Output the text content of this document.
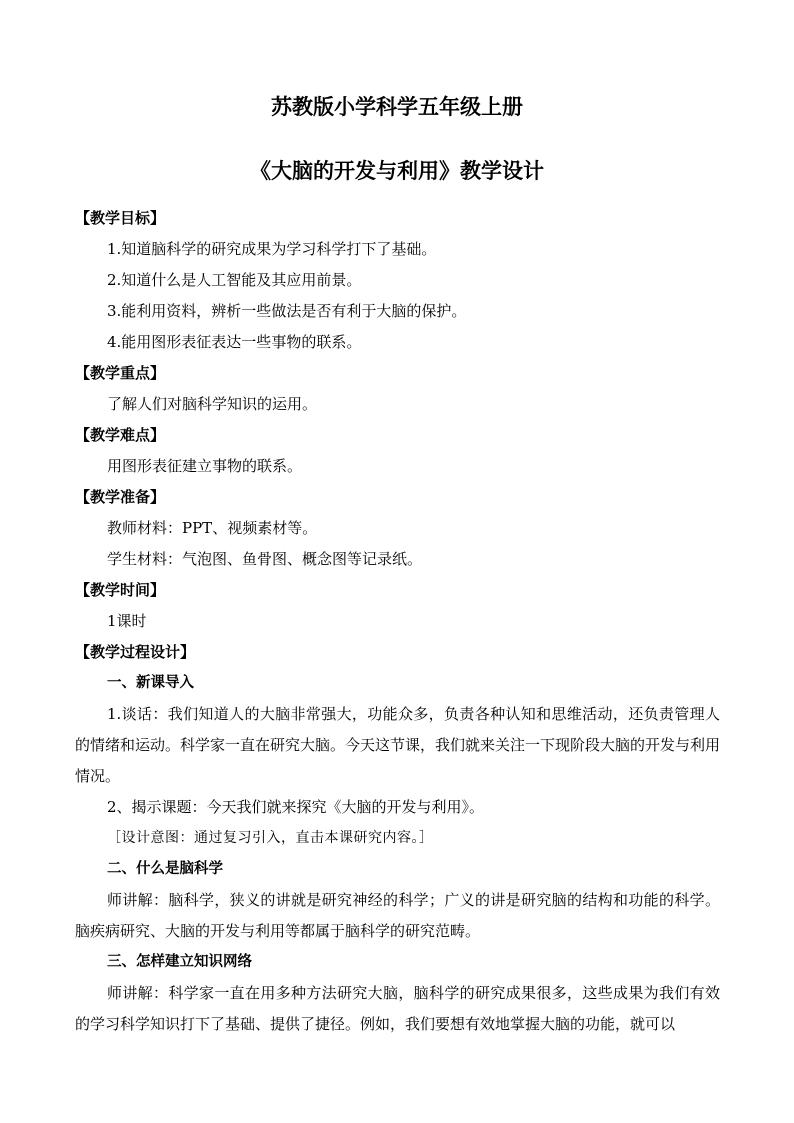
苏教版小学科学五年级上册
《大脑的开发与利用》教学设计

【教学目标】

1.知道脑科学的研究成果为学习科学打下了基础。

2.知道什么是人工智能及其应用前景。

3.能利用资料，辨析一些做法是否有利于大脑的保护。

4.能用图形表征表达一些事物的联系。

【教学重点】

了解人们对脑科学知识的运用。

【教学难点】

用图形表征建立事物的联系。

【教学准备】

教师材料：PPT、视频素材等。

学生材料：气泡图、鱼骨图、概念图等记录纸。

【教学时间】

1课时

【教学过程设计】

一、新课导入

1.谈话：我们知道人的大脑非常强大，功能众多，负责各种认知和思维活动，还负责管理人的情绪和运动。科学家一直在研究大脑。今天这节课，我们就来关注一下现阶段大脑的开发与利用情况。

2、揭示课题：今天我们就来探究《大脑的开发与利用》。

［设计意图：通过复习引入，直击本课研究内容。］

二、什么是脑科学

师讲解：脑科学，狭义的讲就是研究神经的科学；广义的讲是研究脑的结构和功能的科学。脑疾病研究、大脑的开发与利用等都属于脑科学的研究范畴。

三、怎样建立知识网络

师讲解：科学家一直在用多种方法研究大脑，脑科学的研究成果很多，这些成果为我们有效的学习科学知识打下了基础、提供了捷径。例如，我们要想有效地掌握大脑的功能，就可以
